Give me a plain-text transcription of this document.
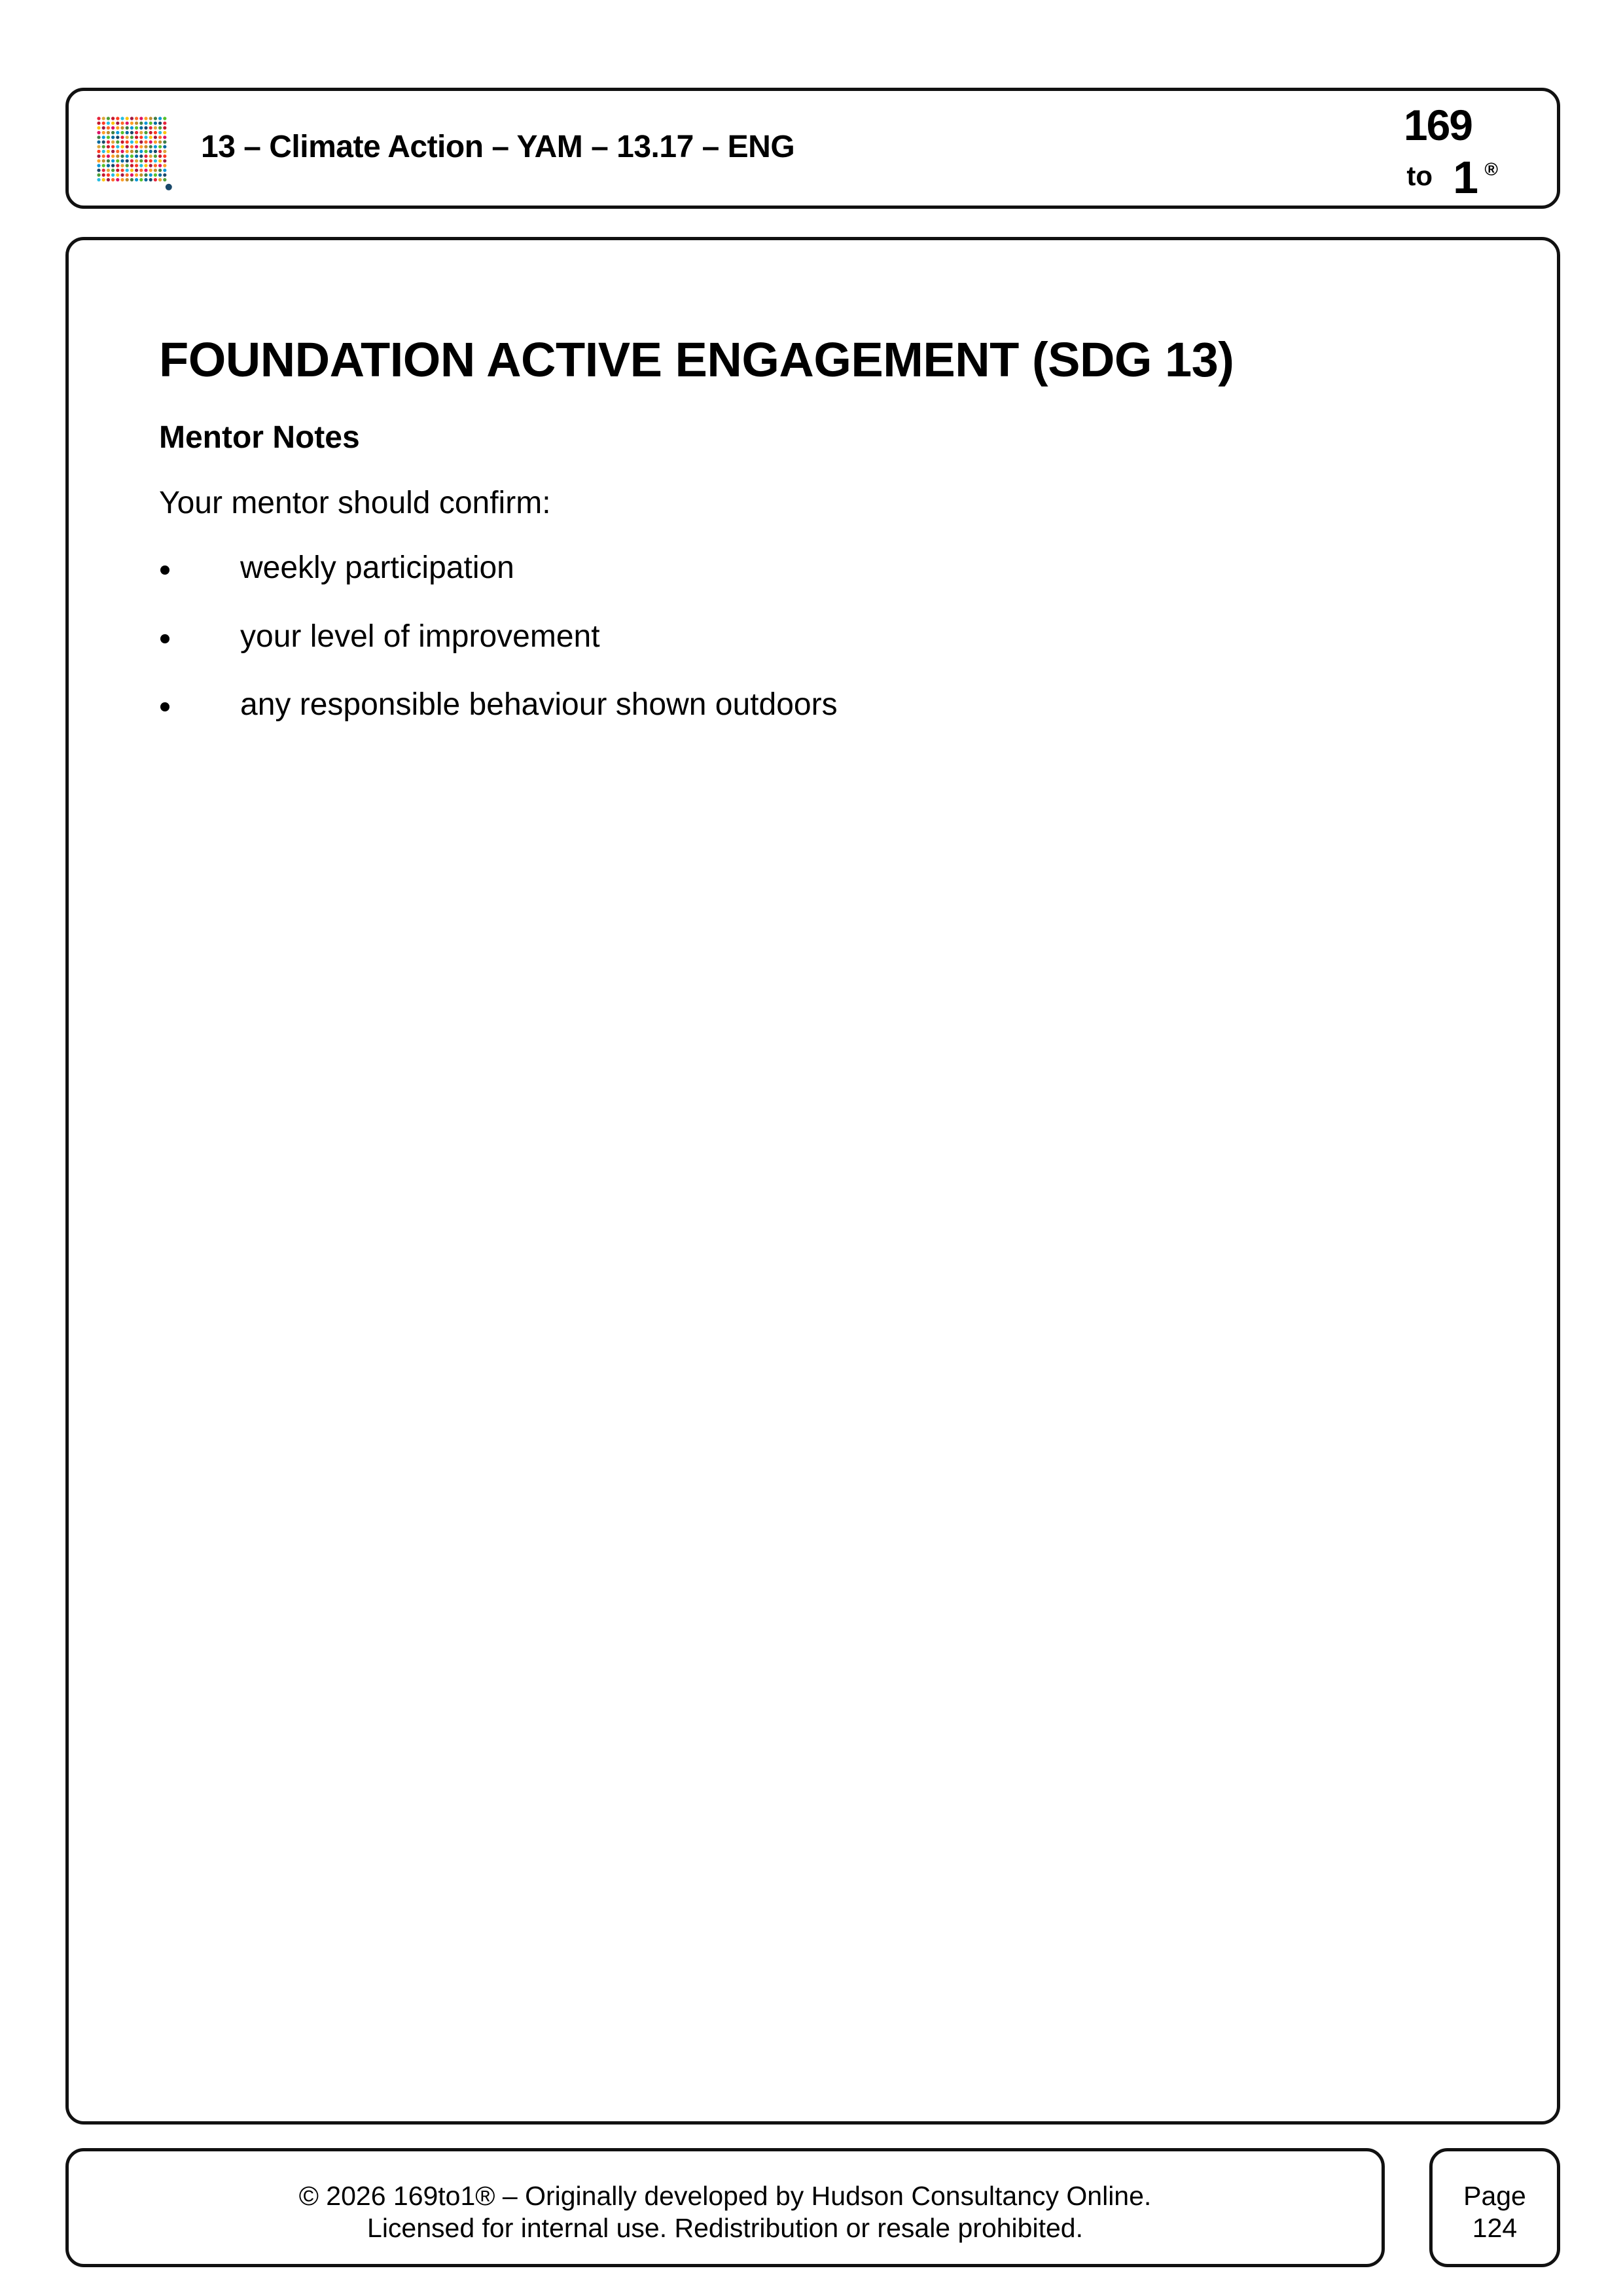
13 – Climate Action – YAM – 13.17 – ENG	169
to 1 ®
FOUNDATION ACTIVE ENGAGEMENT (SDG 13)
Mentor Notes

Your mentor should confirm:

weekly participation
your level of improvement
any responsible behaviour shown outdoors
© 2026 169to1® – Originally developed by Hudson Consultancy Online.
Licensed for internal use. Redistribution or resale prohibited.
Page
124
